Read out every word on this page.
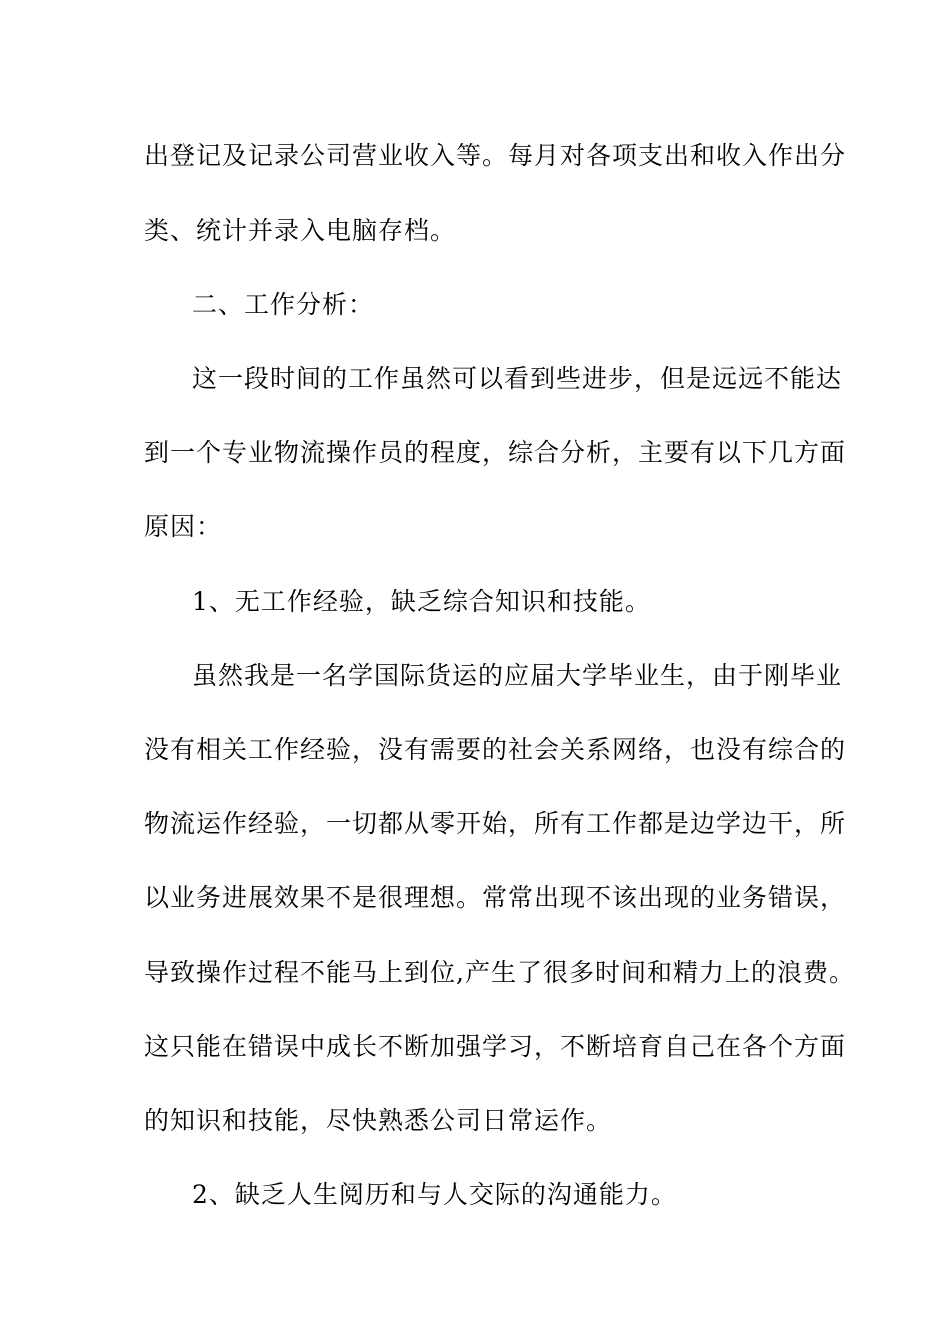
出登记及记录公司营业收入等。每月对各项支出和收入作出分
类、统计并录入电脑存档。
二、工作分析：
这一段时间的工作虽然可以看到些进步，但是远远不能达
到一个专业物流操作员的程度，综合分析，主要有以下几方面
原因：
1、无工作经验，缺乏综合知识和技能。
虽然我是一名学国际货运的应届大学毕业生，由于刚毕业
没有相关工作经验，没有需要的社会关系网络，也没有综合的
物流运作经验，一切都从零开始，所有工作都是边学边干，所
以业务进展效果不是很理想。常常出现不该出现的业务错误，
导致操作过程不能马上到位,产生了很多时间和精力上的浪费。
这只能在错误中成长不断加强学习，不断培育自己在各个方面
的知识和技能，尽快熟悉公司日常运作。
2、缺乏人生阅历和与人交际的沟通能力。
